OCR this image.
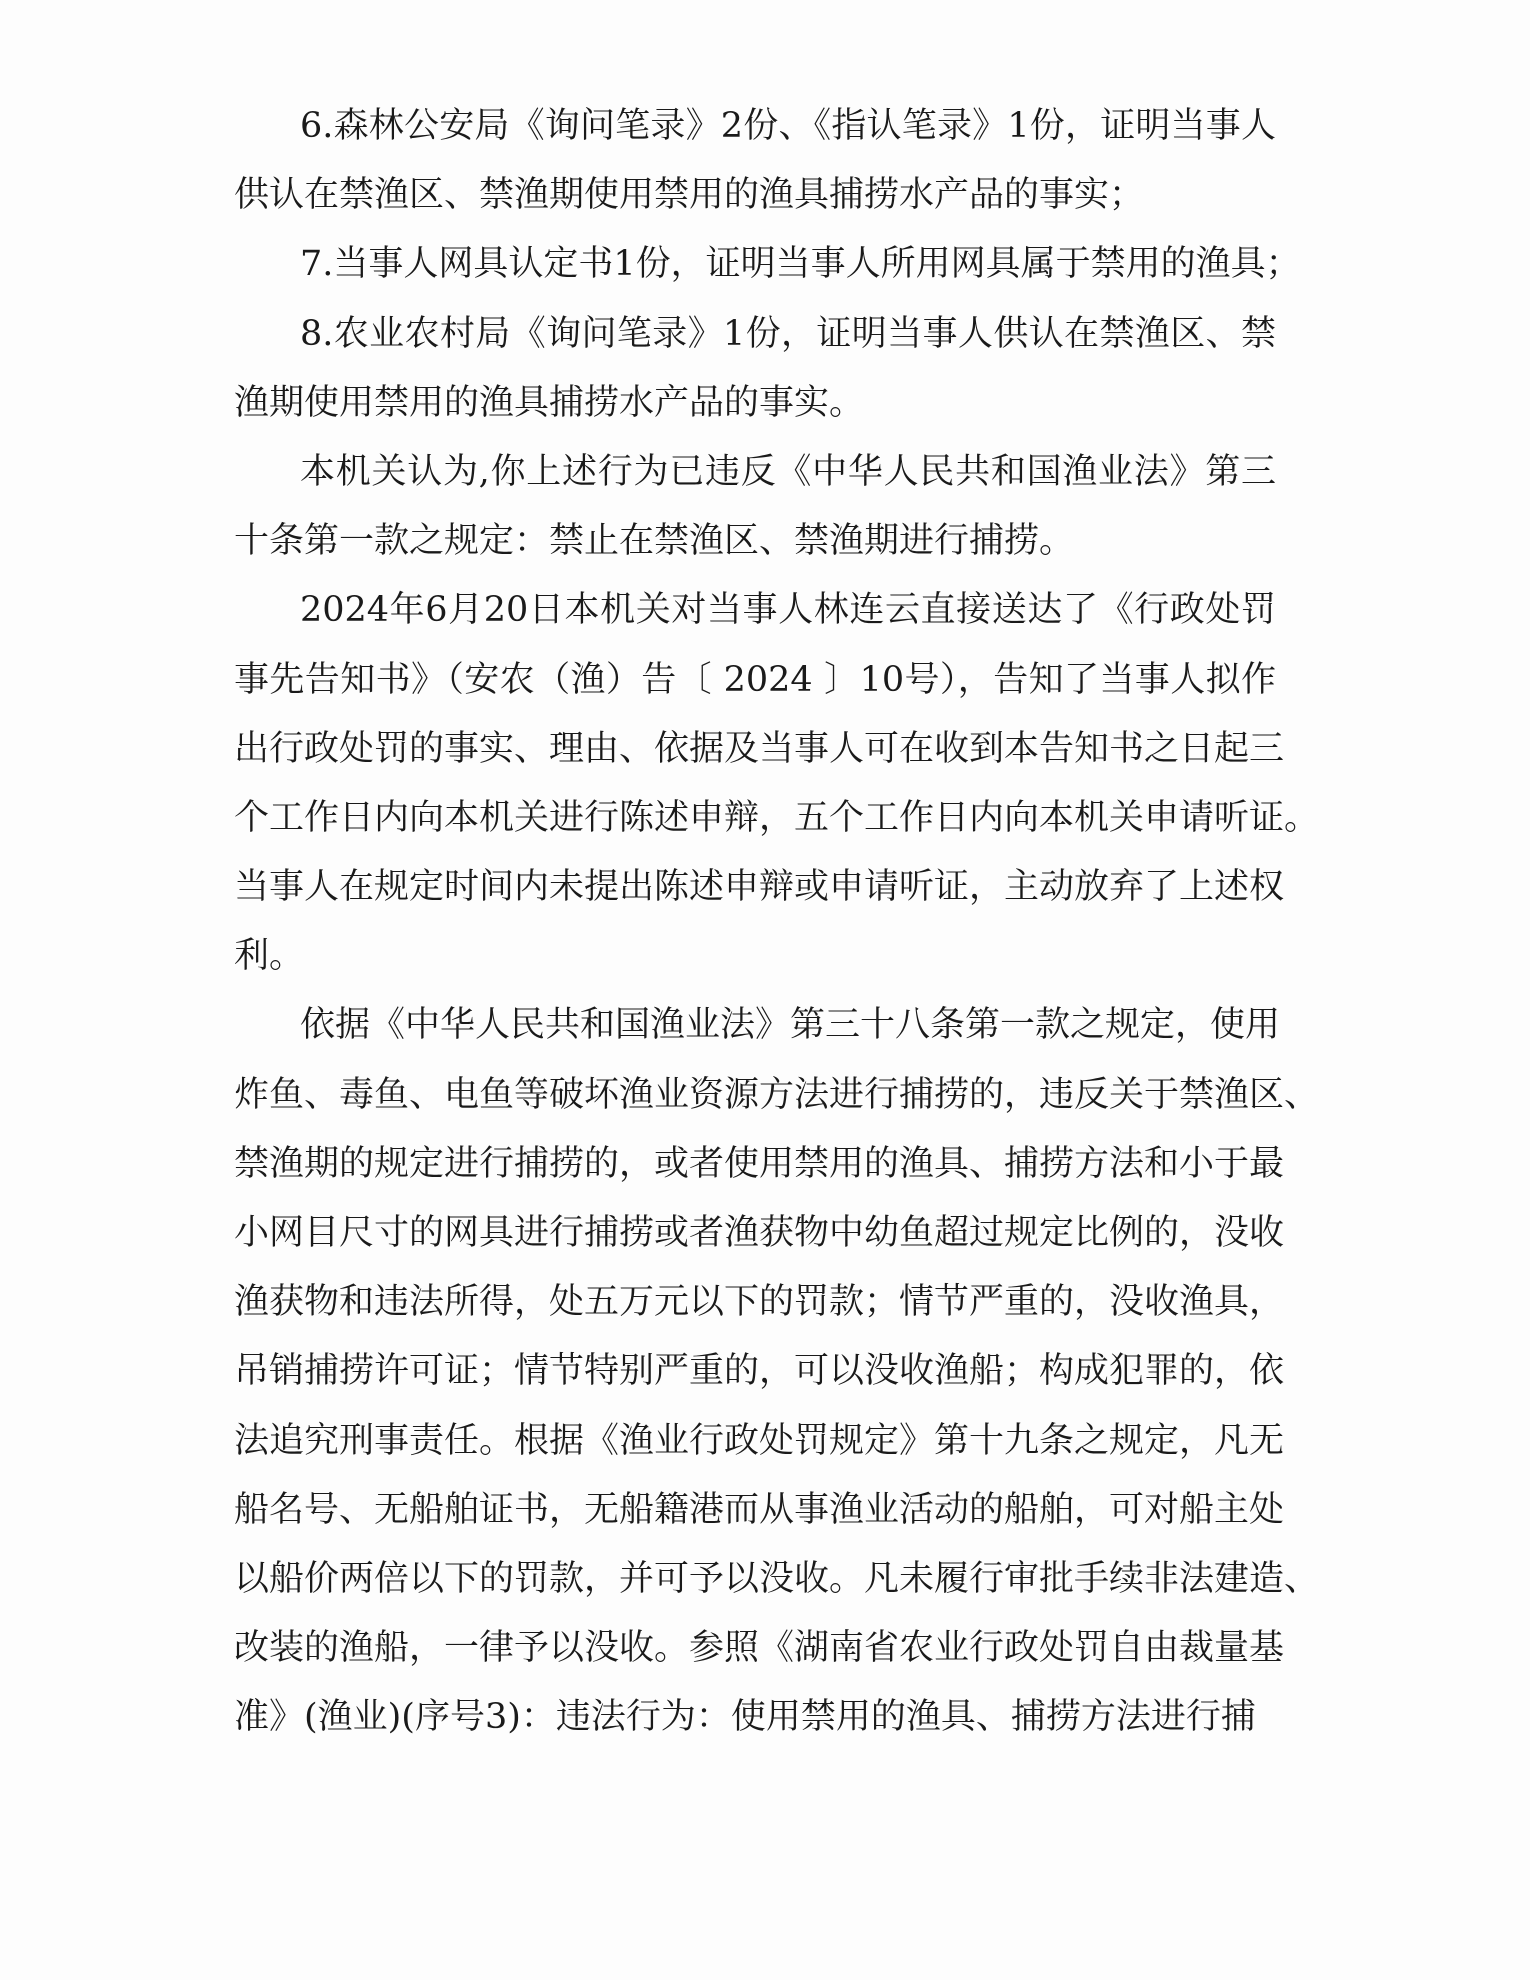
6.森林公安局《询问笔录》2份、《指认笔录》1份，证明当事人
供认在禁渔区、禁渔期使用禁用的渔具捕捞水产品的事实；
7.当事人网具认定书1份，证明当事人所用网具属于禁用的渔具；
8.农业农村局《询问笔录》1份，证明当事人供认在禁渔区、禁
渔期使用禁用的渔具捕捞水产品的事实。
本机关认为,你上述行为已违反《中华人民共和国渔业法》第三
十条第一款之规定：禁止在禁渔区、禁渔期进行捕捞。
2024年6月20日本机关对当事人林连云直接送达了《行政处罚
事先告知书》（安农（渔）告〔 2024 〕10号），告知了当事人拟作
出行政处罚的事实、理由、依据及当事人可在收到本告知书之日起三
个工作日内向本机关进行陈述申辩，五个工作日内向本机关申请听证。
当事人在规定时间内未提出陈述申辩或申请听证，主动放弃了上述权
利。
依据《中华人民共和国渔业法》第三十八条第一款之规定，使用
炸鱼、毒鱼、电鱼等破坏渔业资源方法进行捕捞的，违反关于禁渔区、
禁渔期的规定进行捕捞的，或者使用禁用的渔具、捕捞方法和小于最
小网目尺寸的网具进行捕捞或者渔获物中幼鱼超过规定比例的，没收
渔获物和违法所得，处五万元以下的罚款；情节严重的，没收渔具，
吊销捕捞许可证；情节特别严重的，可以没收渔船；构成犯罪的，依
法追究刑事责任。根据《渔业行政处罚规定》第十九条之规定，凡无
船名号、无船舶证书，无船籍港而从事渔业活动的船舶，可对船主处
以船价两倍以下的罚款，并可予以没收。凡未履行审批手续非法建造、
改装的渔船，一律予以没收。参照《湖南省农业行政处罚自由裁量基
准》(渔业)(序号3)：违法行为：使用禁用的渔具、捕捞方法进行捕
